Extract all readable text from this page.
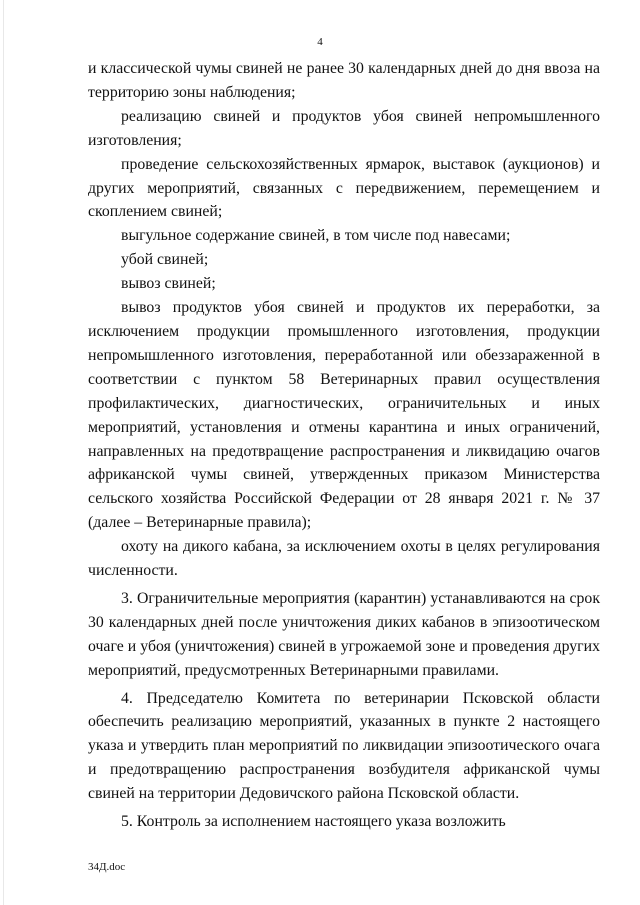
4

и классической чумы свиней не ранее 30 календарных дней до дня ввоза на территорию зоны наблюдения;

реализацию свиней и продуктов убоя свиней непромышленного изготовления;

проведение сельскохозяйственных ярмарок, выставок (аукционов) и других мероприятий, связанных с передвижением, перемещением и скоплением свиней;

выгульное содержание свиней, в том числе под навесами;

убой свиней;

вывоз свиней;

вывоз продуктов убоя свиней и продуктов их переработки, за исключением продукции промышленного изготовления, продукции непромышленного изготовления, переработанной или обеззараженной в соответствии с пунктом 58 Ветеринарных правил осуществления профилактических, диагностических, ограничительных и иных мероприятий, установления и отмены карантина и иных ограничений, направленных на предотвращение распространения и ликвидацию очагов африканской чумы свиней, утвержденных приказом Министерства сельского хозяйства Российской Федерации от 28 января 2021 г. № 37 (далее – Ветеринарные правила);

охоту на дикого кабана, за исключением охоты в целях регулирования численности.

3. Ограничительные мероприятия (карантин) устанавливаются на срок 30 календарных дней после уничтожения диких кабанов в эпизоотическом очаге и убоя (уничтожения) свиней в угрожаемой зоне и проведения других мероприятий, предусмотренных Ветеринарными правилами.

4. Председателю Комитета по ветеринарии Псковской области обеспечить реализацию мероприятий, указанных в пункте 2 настоящего указа и утвердить план мероприятий по ликвидации эпизоотического очага и предотвращению распространения возбудителя африканской чумы свиней на территории Дедовичского района Псковской области.

5. Контроль за исполнением настоящего указа возложить

34Д.doc
